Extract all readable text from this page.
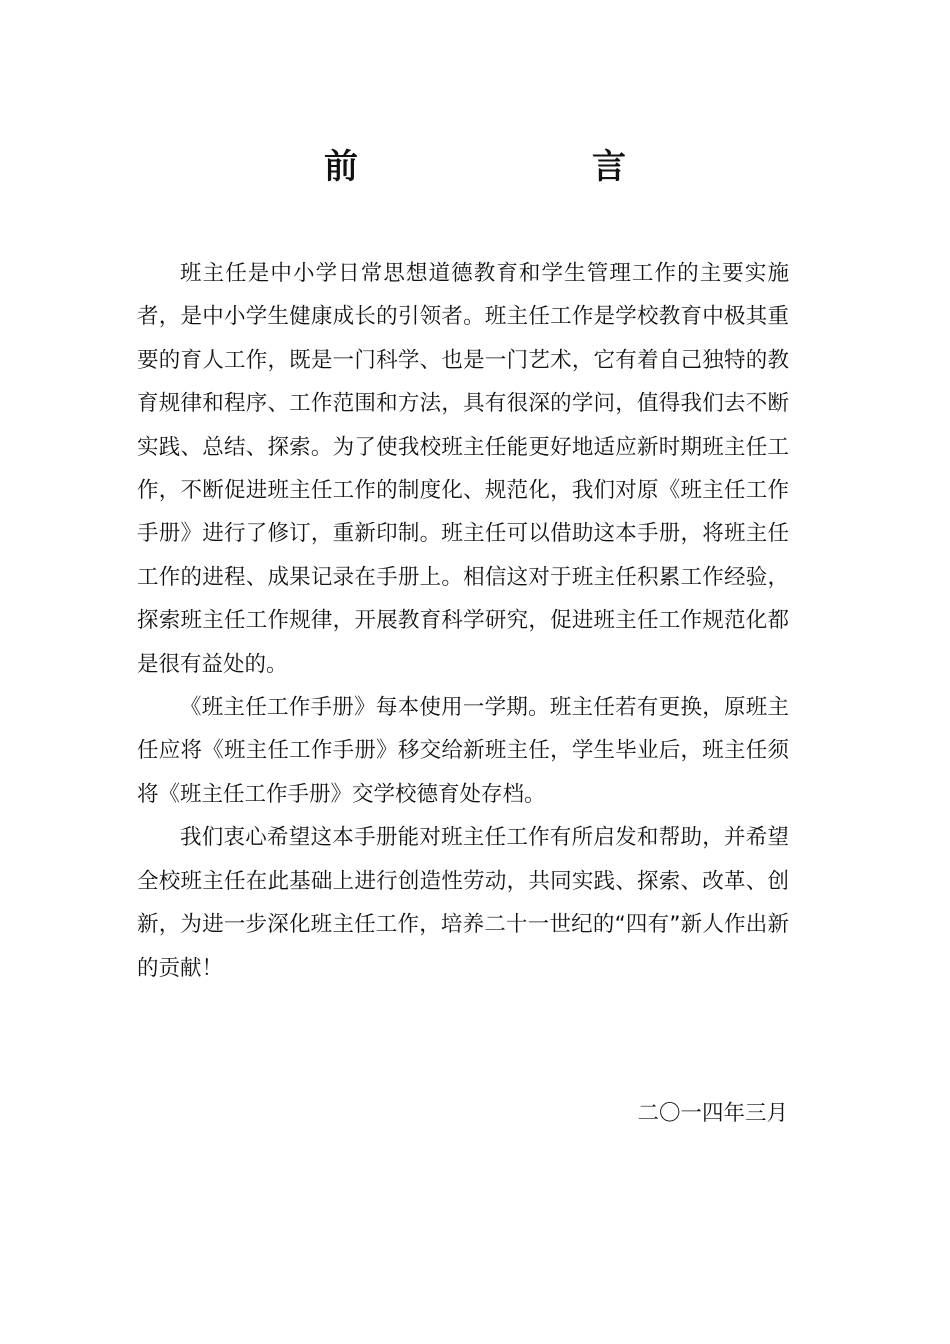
前　言

班主任是中小学日常思想道德教育和学生管理工作的主要实施者，是中小学生健康成长的引领者。班主任工作是学校教育中极其重要的育人工作，既是一门科学、也是一门艺术，它有着自己独特的教育规律和程序、工作范围和方法，具有很深的学问，值得我们去不断实践、总结、探索。为了使我校班主任能更好地适应新时期班主任工作，不断促进班主任工作的制度化、规范化，我们对原《班主任工作手册》进行了修订，重新印制。班主任可以借助这本手册，将班主任工作的进程、成果记录在手册上。相信这对于班主任积累工作经验，探索班主任工作规律，开展教育科学研究，促进班主任工作规范化都是很有益处的。

《班主任工作手册》每本使用一学期。班主任若有更换，原班主任应将《班主任工作手册》移交给新班主任，学生毕业后，班主任须将《班主任工作手册》交学校德育处存档。

我们衷心希望这本手册能对班主任工作有所启发和帮助，并希望全校班主任在此基础上进行创造性劳动，共同实践、探索、改革、创新，为进一步深化班主任工作，培养二十一世纪的“四有”新人作出新的贡献！

二〇一四年三月
